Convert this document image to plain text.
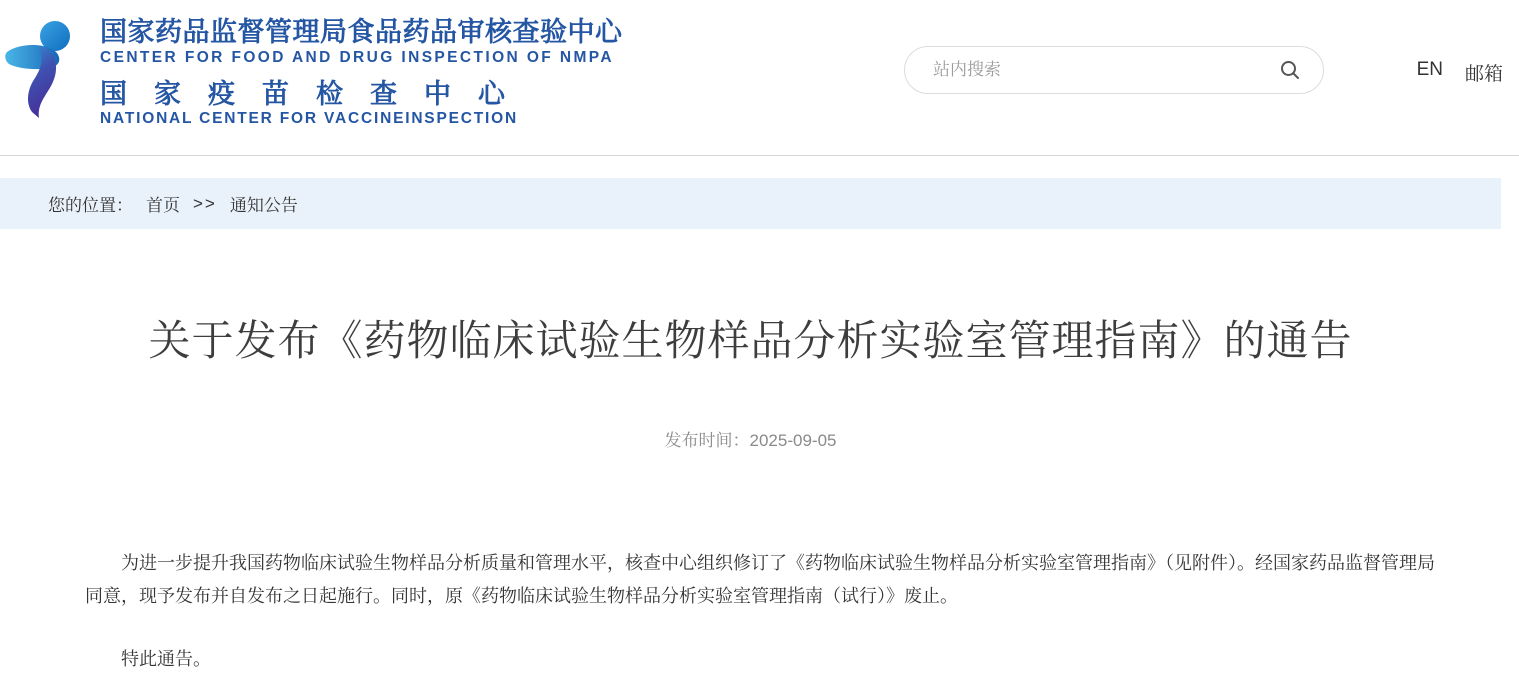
国家药品监督管理局食品药品审核查验中心
CENTER FOR FOOD AND DRUG INSPECTION OF NMPA
国家疫苗检查中心
NATIONAL CENTER FOR VACCINEINSPECTION
站内搜索
EN 邮箱
您的位置： 首页 >> 通知公告
关于发布《药物临床试验生物样品分析实验室管理指南》的通告
发布时间：2025-09-05

为进一步提升我国药物临床试验生物样品分析质量和管理水平，核查中心组织修订了《药物临床试验生物样品分析实验室管理指南》（见附件）。经国家药品监督管理局同意，现予发布并自发布之日起施行。同时，原《药物临床试验生物样品分析实验室管理指南（试行）》废止。

特此通告。
